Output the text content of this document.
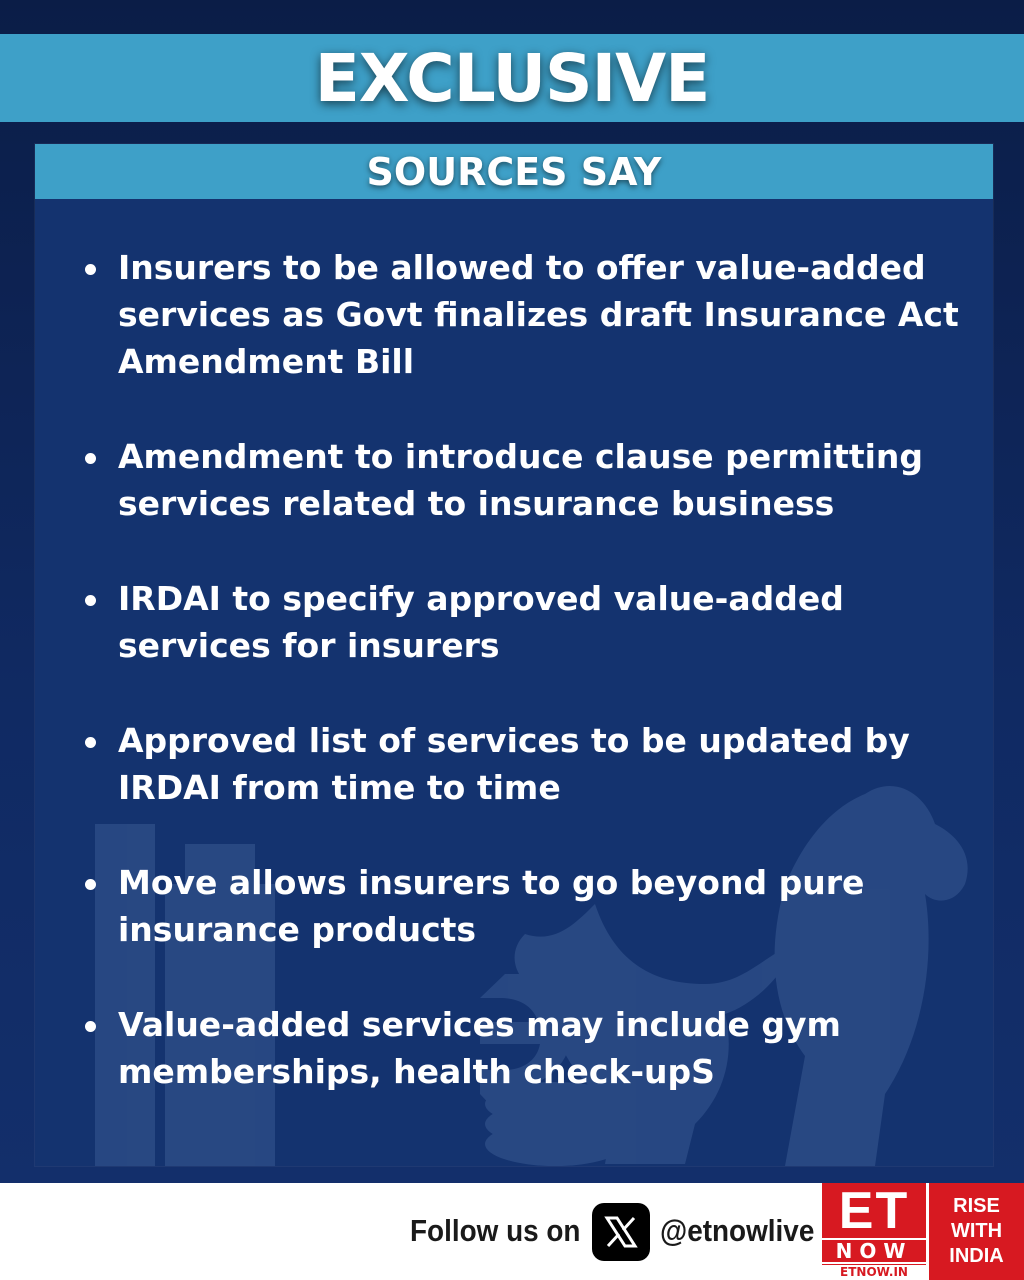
EXCLUSIVE
SOURCES SAY
Insurers to be allowed to offer value-added services as Govt finalizes draft Insurance Act Amendment Bill
Amendment to introduce clause permitting services related to insurance business
IRDAI to specify approved value-added services for insurers
Approved list of services to be updated by IRDAI from time to time
Move allows insurers to go beyond pure insurance products
Value-added services may include gym memberships, health check-upS
Follow us on	@etnowlive ET
NOW
ETNOW.IN
RISE
WITH
INDIA
